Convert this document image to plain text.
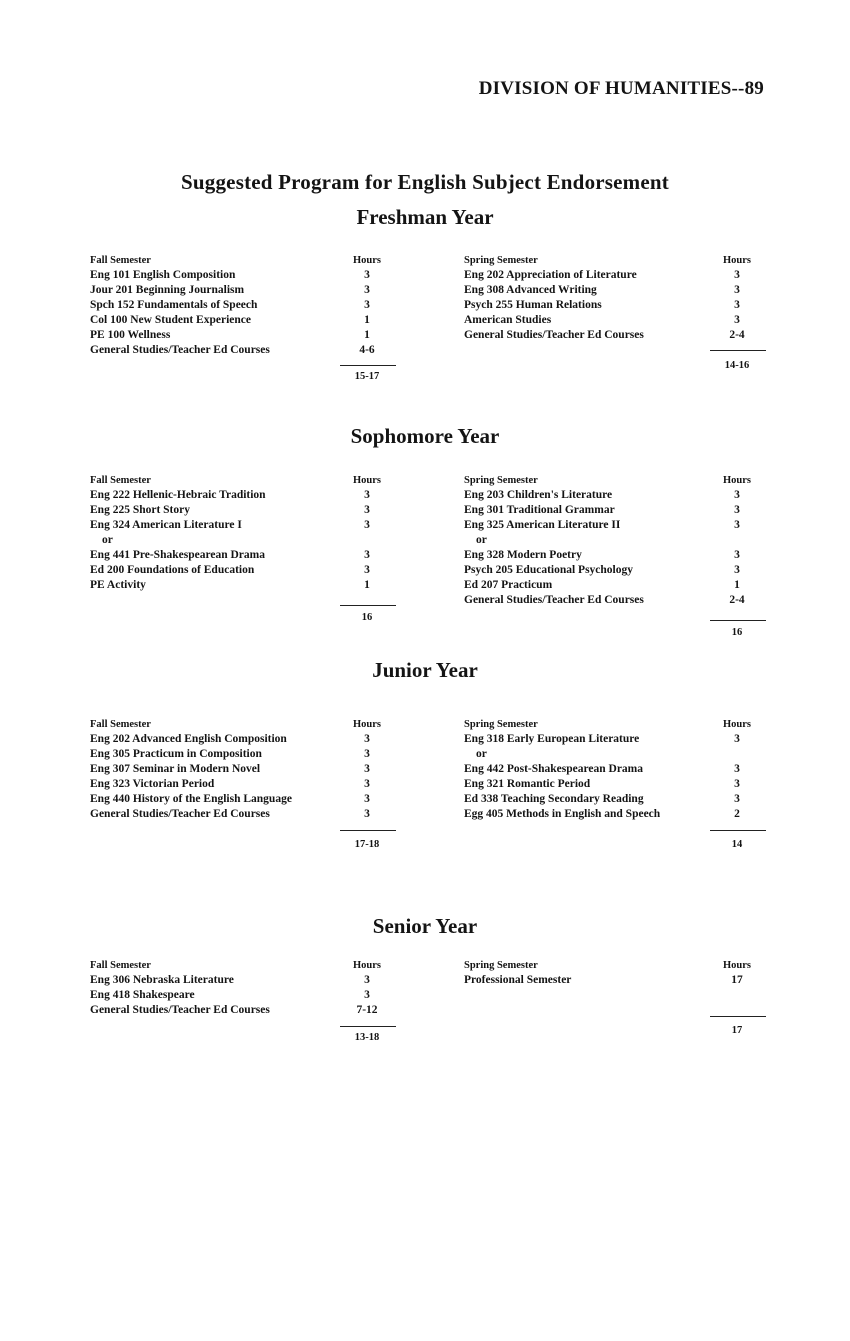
DIVISION OF HUMANITIES--89
Suggested Program for English Subject Endorsement
Freshman Year
Sophomore Year
Junior Year
Senior Year
Fall Semester	Hours
Eng 101 English Composition	3
Jour 201 Beginning Journalism	3
Spch 152 Fundamentals of Speech	3
Col 100 New Student Experience	1
PE 100 Wellness	1
General Studies/Teacher Ed Courses	4-6
15-17
Spring Semester	Hours
Eng 202 Appreciation of Literature	3
Eng 308 Advanced Writing	3
Psych 255 Human Relations	3
American Studies	3
General Studies/Teacher Ed Courses	2-4
14-16
Fall Semester	Hours
Eng 222 Hellenic-Hebraic Tradition	3
Eng 225 Short Story	3
Eng 324 American Literature I	3
or
Eng 441 Pre-Shakespearean Drama	3
Ed 200 Foundations of Education	3
PE Activity	1
16
Spring Semester	Hours
Eng 203 Children's Literature	3
Eng 301 Traditional Grammar	3
Eng 325 American Literature II	3
or
Eng 328 Modern Poetry	3
Psych 205 Educational Psychology	3
Ed 207 Practicum	1
General Studies/Teacher Ed Courses	2-4
16
Fall Semester	Hours
Eng 202 Advanced English Composition	3
Eng 305 Practicum in Composition	3
Eng 307 Seminar in Modern Novel	3
Eng 323 Victorian Period	3
Eng 440 History of the English Language	3
General Studies/Teacher Ed Courses	3
17-18
Spring Semester	Hours
Eng 318 Early European Literature	3
or
Eng 442 Post-Shakespearean Drama	3
Eng 321 Romantic Period	3
Ed 338 Teaching Secondary Reading	3
Egg 405 Methods in English and Speech	2
14
Fall Semester	Hours
Eng 306 Nebraska Literature	3
Eng 418 Shakespeare	3
General Studies/Teacher Ed Courses	7-12
13-18
Spring Semester	Hours
Professional Semester	17
17
